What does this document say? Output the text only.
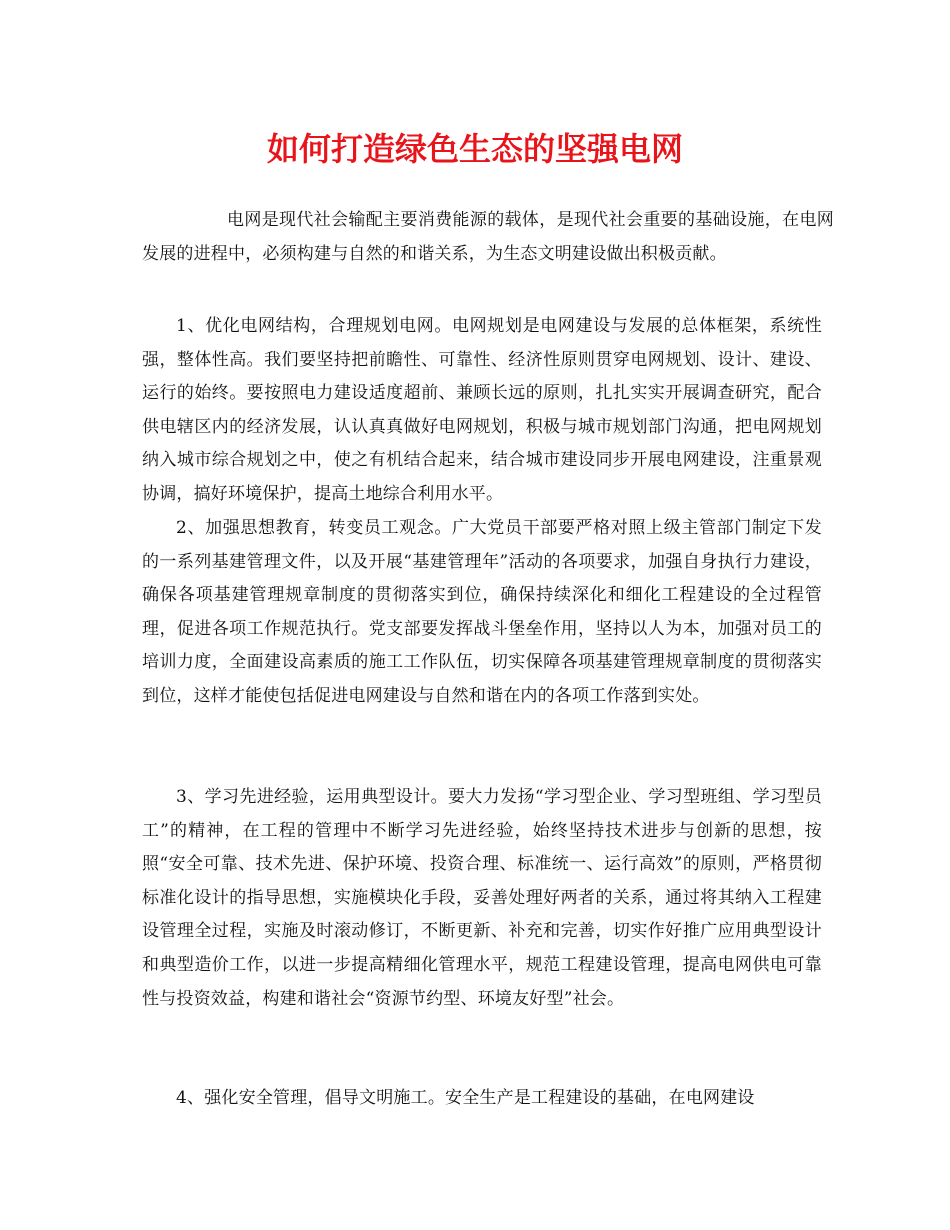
如何打造绿色生态的坚强电网

电网是现代社会输配主要消费能源的载体，是现代社会重要的基础设施，在电网发展的进程中，必须构建与自然的和谐关系，为生态文明建设做出积极贡献。

1、优化电网结构，合理规划电网。电网规划是电网建设与发展的总体框架，系统性强，整体性高。我们要坚持把前瞻性、可靠性、经济性原则贯穿电网规划、设计、建设、运行的始终。要按照电力建设适度超前、兼顾长远的原则，扎扎实实开展调查研究，配合供电辖区内的经济发展，认认真真做好电网规划，积极与城市规划部门沟通，把电网规划纳入城市综合规划之中，使之有机结合起来，结合城市建设同步开展电网建设，注重景观协调，搞好环境保护，提高土地综合利用水平。

2、加强思想教育，转变员工观念。广大党员干部要严格对照上级主管部门制定下发的一系列基建管理文件，以及开展“基建管理年”活动的各项要求，加强自身执行力建设，确保各项基建管理规章制度的贯彻落实到位，确保持续深化和细化工程建设的全过程管理，促进各项工作规范执行。党支部要发挥战斗堡垒作用，坚持以人为本，加强对员工的培训力度，全面建设高素质的施工工作队伍，切实保障各项基建管理规章制度的贯彻落实到位，这样才能使包括促进电网建设与自然和谐在内的各项工作落到实处。

3、学习先进经验，运用典型设计。要大力发扬“学习型企业、学习型班组、学习型员工”的精神，在工程的管理中不断学习先进经验，始终坚持技术进步与创新的思想，按照“安全可靠、技术先进、保护环境、投资合理、标准统一、运行高效”的原则，严格贯彻标准化设计的指导思想，实施模块化手段，妥善处理好两者的关系，通过将其纳入工程建设管理全过程，实施及时滚动修订，不断更新、补充和完善，切实作好推广应用典型设计和典型造价工作，以进一步提高精细化管理水平，规范工程建设管理，提高电网供电可靠性与投资效益，构建和谐社会“资源节约型、环境友好型”社会。

4、强化安全管理，倡导文明施工。安全生产是工程建设的基础，在电网建设
